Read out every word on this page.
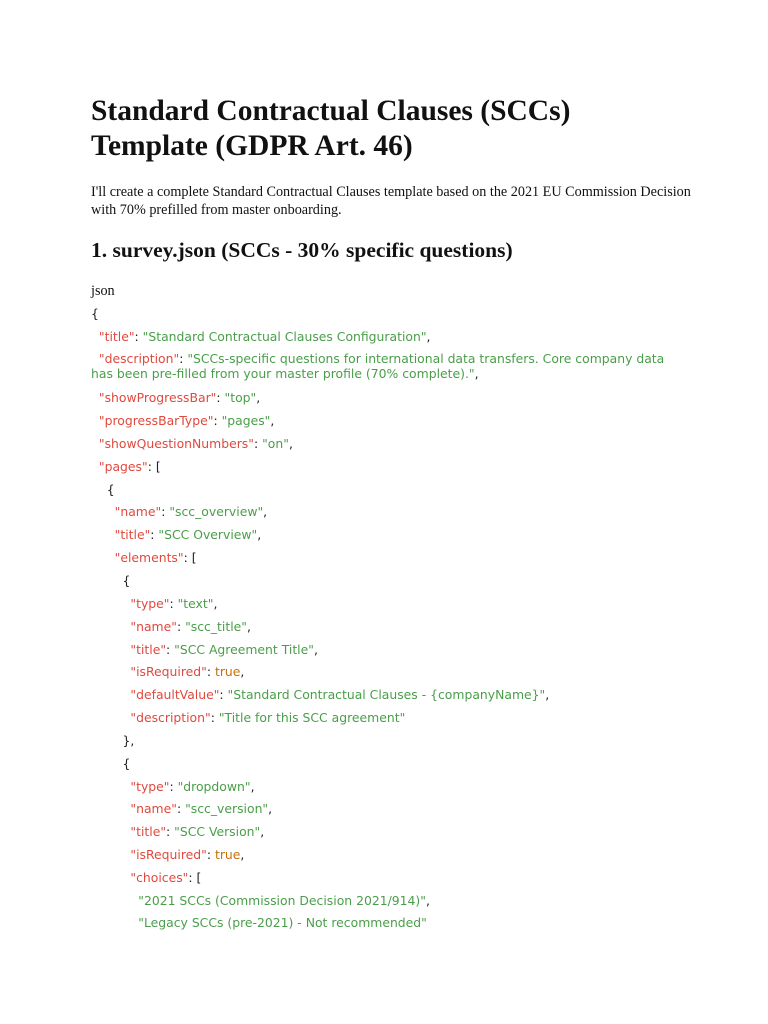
Standard Contractual Clauses (SCCs) Template (GDPR Art. 46)

I'll create a complete Standard Contractual Clauses template based on the 2021 EU Commission Decision with 70% prefilled from master onboarding.

1. survey.json (SCCs - 30% specific questions)
json
{
"title": "Standard Contractual Clauses Configuration",
"description": "SCCs-specific questions for international data transfers. Core company data has been pre-filled from your master profile (70% complete).",
"showProgressBar": "top",
"progressBarType": "pages",
"showQuestionNumbers": "on",
"pages": [
{
"name": "scc_overview",
"title": "SCC Overview",
"elements": [
{
"type": "text",
"name": "scc_title",
"title": "SCC Agreement Title",
"isRequired": true,
"defaultValue": "Standard Contractual Clauses - {companyName}",
"description": "Title for this SCC agreement"
},
{
"type": "dropdown",
"name": "scc_version",
"title": "SCC Version",
"isRequired": true,
"choices": [
"2021 SCCs (Commission Decision 2021/914)",
"Legacy SCCs (pre-2021) - Not recommended"
